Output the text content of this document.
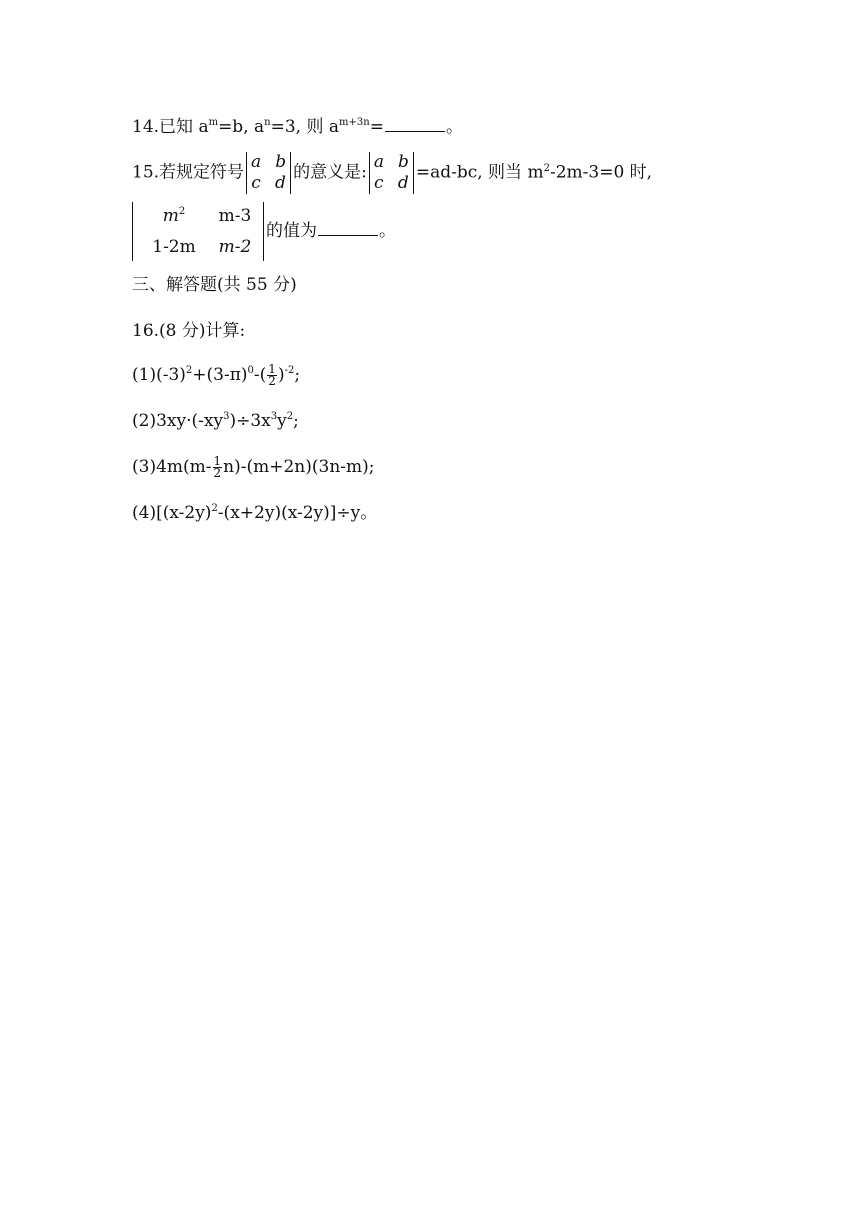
14.已知 $a^m=b$, $a^n=3$, 则 $a^{m+3n}=$	。
15.若规定符号
a b
c d
的意义是:
a b
c d
=ad-bc, 则当 $m^2-2m-3=0$ 时,
$m^2$	m-3
1-2m	m-2
的值为	。
三、解答题(共 55 分)
16.(8 分)计算:
$(1)(-3)^2+(3-\pi)^0-( \frac{1}{2} )^{-2}$;
$(2)3xy\cdot(-xy^3)\div 3x^3y^2$;
$(3)4m(m- \frac{1}{2} n)-(m+2n)(3n-m)$;
$(4)[(x-2y)^2-(x+2y)(x-2y)]\div y$。
